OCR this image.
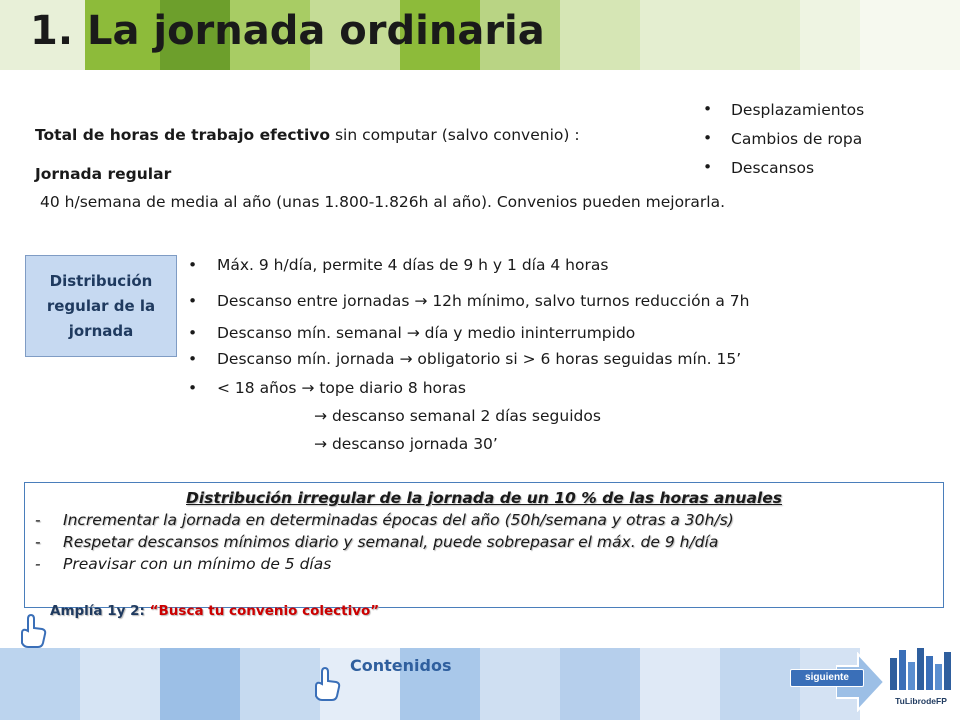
1. La jornada ordinaria
Total de horas de trabajo efectivo sin computar (salvo convenio) :
• Desplazamientos
• Cambios de ropa
• Descansos
Jornada regular
40 h/semana de media al año (unas 1.800-1.826h al año). Convenios pueden mejorarla.
Distribución regular de la jornada
• Máx. 9 h/día, permite 4 días de 9 h y 1 día 4 horas
• Descanso entre jornadas → 12h mínimo, salvo turnos reducción a 7h
• Descanso mín. semanal → día y medio ininterrumpido
• Descanso mín. jornada → obligatorio si > 6 horas seguidas mín. 15’
• < 18 años → tope diario 8 horas
→ descanso semanal 2 días seguidos
→ descanso jornada 30’
Distribución irregular de la jornada de un 10 % de las horas anuales
- Incrementar la jornada en determinadas épocas del año (50h/semana y otras a 30h/s)
- Respetar descansos mínimos diario y semanal, puede sobrepasar el máx. de 9 h/día
- Preavisar con un mínimo de 5 días
Amplía 1y 2: “Busca tu convenio colectivo”
Contenidos
siguiente
TuLibrodeFP
